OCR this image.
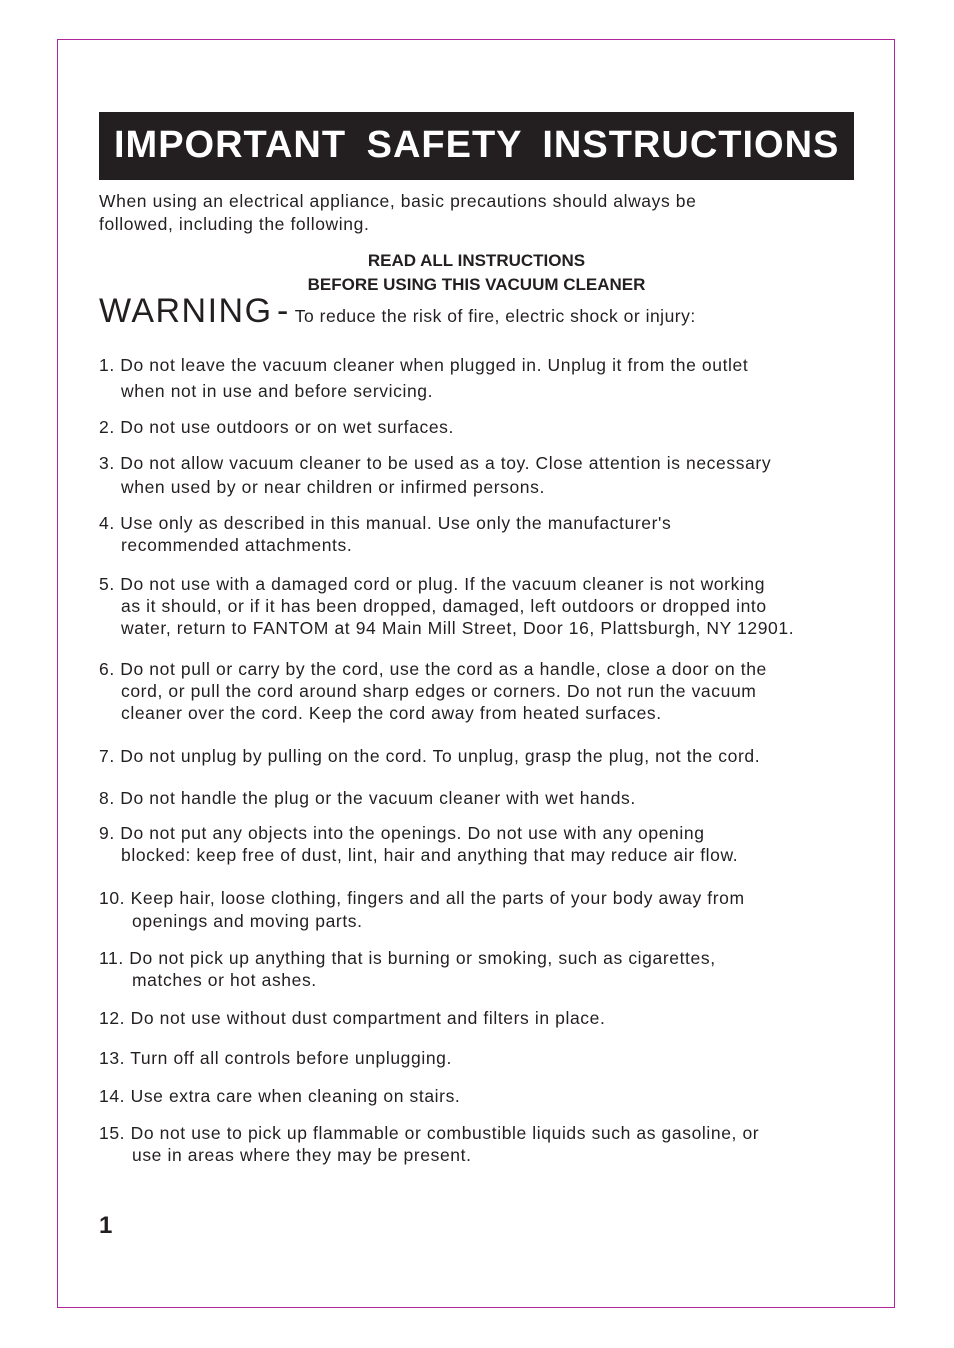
IMPORTANT SAFETY INSTRUCTIONS
When using an electrical appliance, basic precautions should always be
followed, including the following.
READ ALL INSTRUCTIONS
BEFORE USING THIS VACUUM CLEANER
WARNING - To reduce the risk of fire, electric shock or injury:
1. Do not leave the vacuum cleaner when plugged in. Unplug it from the outlet
when not in use and before servicing.
2. Do not use outdoors or on wet surfaces.
3. Do not allow vacuum cleaner to be used as a toy. Close attention is necessary
when used by or near children or infirmed persons.
4. Use only as described in this manual. Use only the manufacturer's
recommended attachments.
5. Do not use with a damaged cord or plug. If the vacuum cleaner is not working
as it should, or if it has been dropped, damaged, left outdoors or dropped into
water, return to FANTOM at 94 Main Mill Street, Door 16, Plattsburgh, NY 12901.
6. Do not pull or carry by the cord, use the cord as a handle, close a door on the
cord, or pull the cord around sharp edges or corners. Do not run the vacuum
cleaner over the cord. Keep the cord away from heated surfaces.
7. Do not unplug by pulling on the cord. To unplug, grasp the plug, not the cord.
8. Do not handle the plug or the vacuum cleaner with wet hands.
9. Do not put any objects into the openings. Do not use with any opening
blocked: keep free of dust, lint, hair and anything that may reduce air flow.
10. Keep hair, loose clothing, fingers and all the parts of your body away from
openings and moving parts.
11. Do not pick up anything that is burning or smoking, such as cigarettes,
matches or hot ashes.
12. Do not use without dust compartment and filters in place.
13. Turn off all controls before unplugging.
14. Use extra care when cleaning on stairs.
15. Do not use to pick up flammable or combustible liquids such as gasoline, or
use in areas where they may be present.
1
